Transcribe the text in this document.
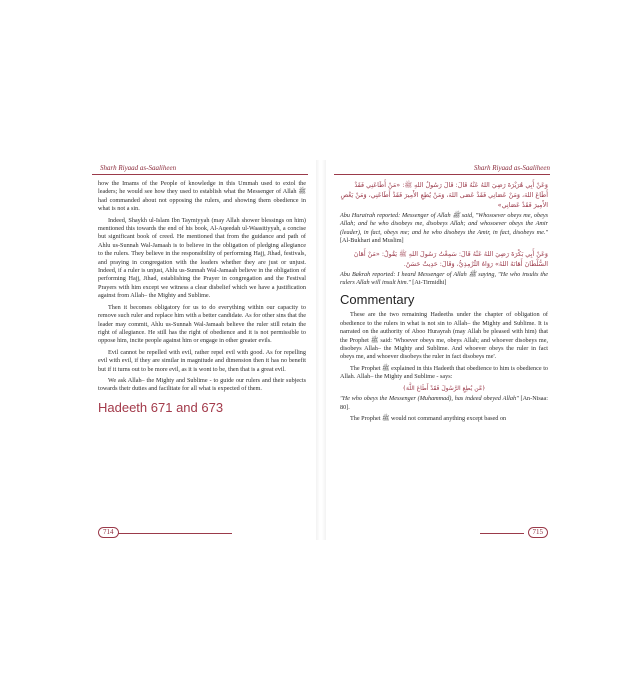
Sharh Riyaad as-Saaliheen

how the Imams of the People of knowledge in this Ummah used to extol the leaders; he would see how they used to establish what the Messenger of Allah ﷺ had commanded about not opposing the rulers, and showing them obedience in what is not a sin.

Indeed, Shaykh ul-Islam Ibn Taymiyyah (may Allah shower blessings on him) mentioned this towards the end of his book, Al-Aqeedah ul-Waasitiyyah, a concise but significant book of creed. He mentioned that from the guidance and path of Ahlu us-Sunnah Wal-Jamaah is to believe in the obligation of pledging allegiance to the rulers. They believe in the responsibility of performing Hajj, Jihad, festivals, and praying in congregation with the leaders whether they are just or unjust. Indeed, if a ruler is unjust, Ahlu us-Sunnah Wal-Jamaah believe in the obligation of performing Hajj, Jihad, establishing the Prayer in congregation and the Festival Prayers with him except we witness a clear disbelief which we have a justification against from Allah– the Mighty and Sublime.

Then it becomes obligatory for us to do everything within our capacity to remove such ruler and replace him with a better candidate. As for other sins that the leader may commit, Ahlu us-Sunnah Wal-Jamaah believe the ruler still retain the right of allegiance. He still has the right of obedience and it is not permissible to oppose him, incite people against him or engage in other greater evils.

Evil cannot be repelled with evil, rather repel evil with good. As for repelling evil with evil, if they are similar in magnitude and dimension then it has no benefit but if it turns out to be more evil, as it is wont to be, then that is a great evil.

We ask Allah– the Mighty and Sublime - to guide our rulers and their subjects towards their duties and facilitate for all what is expected of them.

Hadeeth 671 and 673
714
Sharh Riyaad as-Saaliheen
وَعَنْ أَبِي هُرَيْرَةَ رَضِيَ اللهُ عَنْهُ قَالَ: قَالَ رَسُولُ اللهِ ﷺ: «مَنْ أَطَاعَنِي فَقَدْ أَطَاعَ اللهَ، وَمَنْ عَصَانِي فَقَدْ عَصَى اللهَ، وَمَنْ يُطِعِ الأَمِيرَ فَقَدْ أَطَاعَنِي، وَمَنْ يَعْصِ الأَمِيرَ فَقَدْ عَصَانِي»

Abu Hurairah reported: Messenger of Allah ﷺ said, "Whosoever obeys me, obeys Allah; and he who disobeys me, disobeys Allah; and whosoever obeys the Amir (leader), in fact, obeys me; and he who disobeys the Amir, in fact, disobeys me." [Al-Bukhari and Muslim]

وَعَنْ أَبِي بَكْرَةَ رَضِيَ اللهُ عَنْهُ قَالَ: سَمِعْتُ رَسُولَ اللهِ ﷺ يَقُولُ: «مَنْ أَهَانَ السُّلْطَانَ أَهَانَهُ اللهُ» رَوَاهُ التِّرْمِذِيُّ، وَقَالَ: حَدِيثٌ حَسَنٌ.

Abu Bakrah reported: I heard Messenger of Allah ﷺ saying, "He who insults the rulers Allah will insult him." [At-Tirmidhi]

Commentary

These are the two remaining Hadeeths under the chapter of obligation of obedience to the rulers in what is not sin to Allah– the Mighty and Sublime. It is narrated on the authority of Aboo Hurayrah (may Allah be pleased with him) that the Prophet ﷺ said: 'Whoever obeys me, obeys Allah; and whoever disobeys me, disobeys Allah– the Mighty and Sublime. And whoever obeys the ruler in fact obeys me, and whoever disobeys the ruler in fact disobeys me'.

The Prophet ﷺ explained in this Hadeeth that obedience to him is obedience to Allah. Allah– the Mighty and Sublime - says:

﴿مَّن يُطِعِ الرَّسُولَ فَقَدْ أَطَاعَ اللَّهَ﴾

"He who obeys the Messenger (Muhammad), has indeed obeyed Allah" [An-Nisaa: 80].

The Prophet ﷺ would not command anything except based on

715
